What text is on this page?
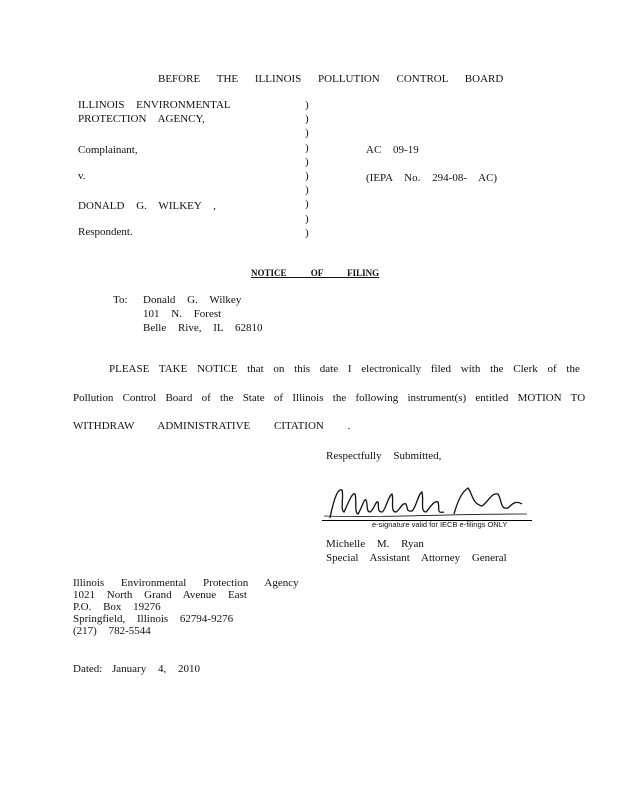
BEFORE THE ILLINOIS POLLUTION CONTROL BOARD
ILLINOIS ENVIRONMENTAL
PROTECTION AGENCY,
Complainant,
v.
DONALD G. WILKEY ,
Respondent.
)
)
)
)
)
)
)
)
)
)
AC 09-19
(IEPA No. 294-08- AC)
NOTICE OF FILING
To: Donald G. Wilkey
101 N. Forest
Belle Rive, IL 62810
PLEASE TAKE NOTICE that on this date I electronically filed with the Clerk of the
Pollution Control Board of the State of Illinois the following instrument(s) entitled MOTION TO
WITHDRAW ADMINISTRATIVE CITATION .
Respectfully Submitted,
e-signature valid for IECB e-filings ONLY
Michelle M. Ryan
Special Assistant Attorney General
Illinois Environmental Protection Agency
1021 North Grand Avenue East
P.O. Box 19276
Springfield, Illinois 62794-9276
(217) 782-5544
Dated: January 4, 2010
